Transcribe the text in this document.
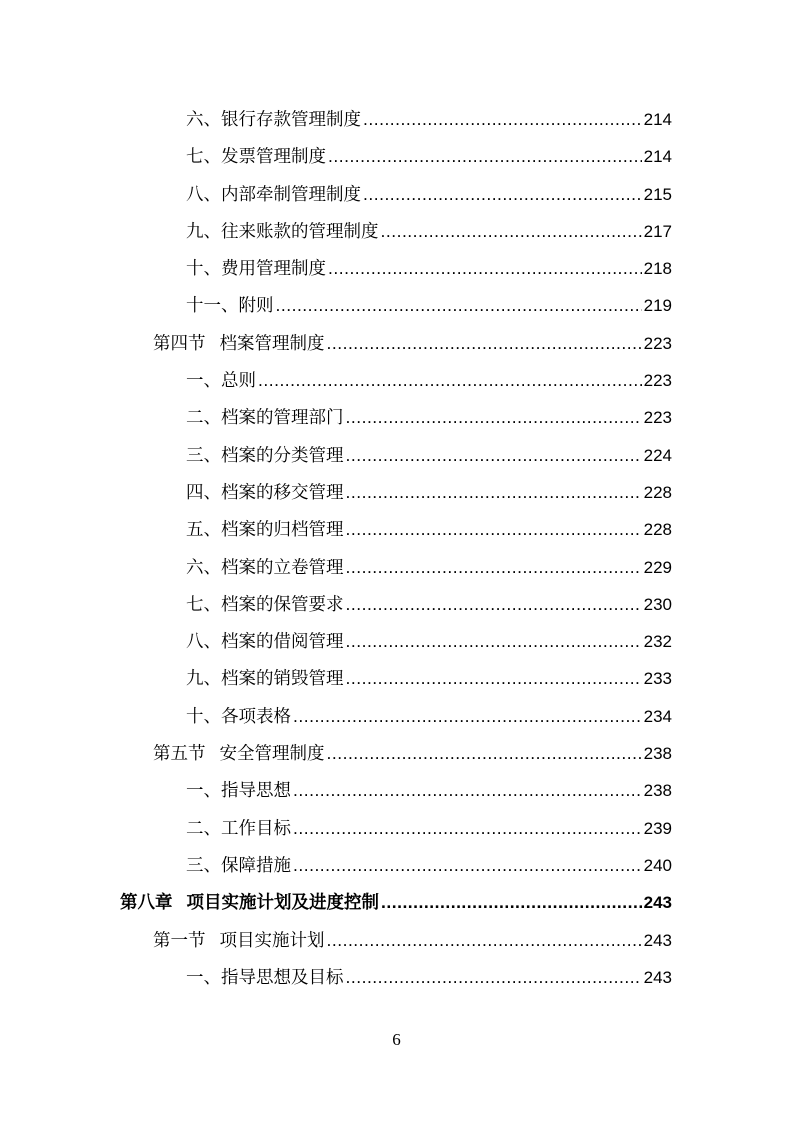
六、银行存款管理制度 .....	214
七、发票管理制度 .....	214
八、内部牵制管理制度 .....	215
九、往来账款的管理制度 .....	217
十、费用管理制度 .....	218
十一、附则 .....	219
第四节 档案管理制度 .....	223
一、总则 .....	223
二、档案的管理部门 .....	223
三、档案的分类管理 .....	224
四、档案的移交管理 .....	228
五、档案的归档管理 .....	228
六、档案的立卷管理 .....	229
七、档案的保管要求 .....	230
八、档案的借阅管理 .....	232
九、档案的销毁管理 .....	233
十、各项表格 .....	234
第五节 安全管理制度 .....	238
一、指导思想 .....	238
二、工作目标 .....	239
三、保障措施 .....	240
第八章 项目实施计划及进度控制 .....	243
第一节 项目实施计划 .....	243
一、指导思想及目标 .....	243
6
